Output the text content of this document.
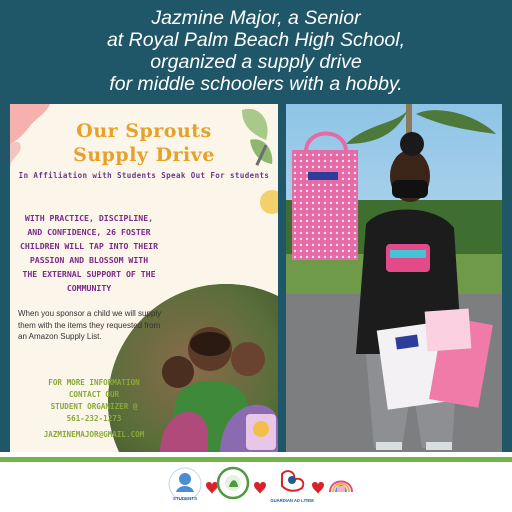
Jazmine Major, a Senior
at Royal Palm Beach High School,
organized a supply drive
for middle schoolers with a hobby.
Our Sprouts
Supply Drive
In Affiliation with Students Speak Out For students
WITH PRACTICE, DISCIPLINE,
AND CONFIDENCE, 26 FOSTER
CHILDREN WILL TAP INTO THEIR
PASSION AND BLOSSOM WITH
THE EXTERNAL SUPPORT OF THE
COMMUNITY
When you sponsor a child we will supply them with the items they requested from an Amazon Supply List.
FOR MORE INFORMATION
CONTACT OUR
STUDENT ORGANIZER @
561-232-1273
JAZMINEMAJOR@GMAIL.COM
STUDENTS	GUARDIAN AD LITEM
